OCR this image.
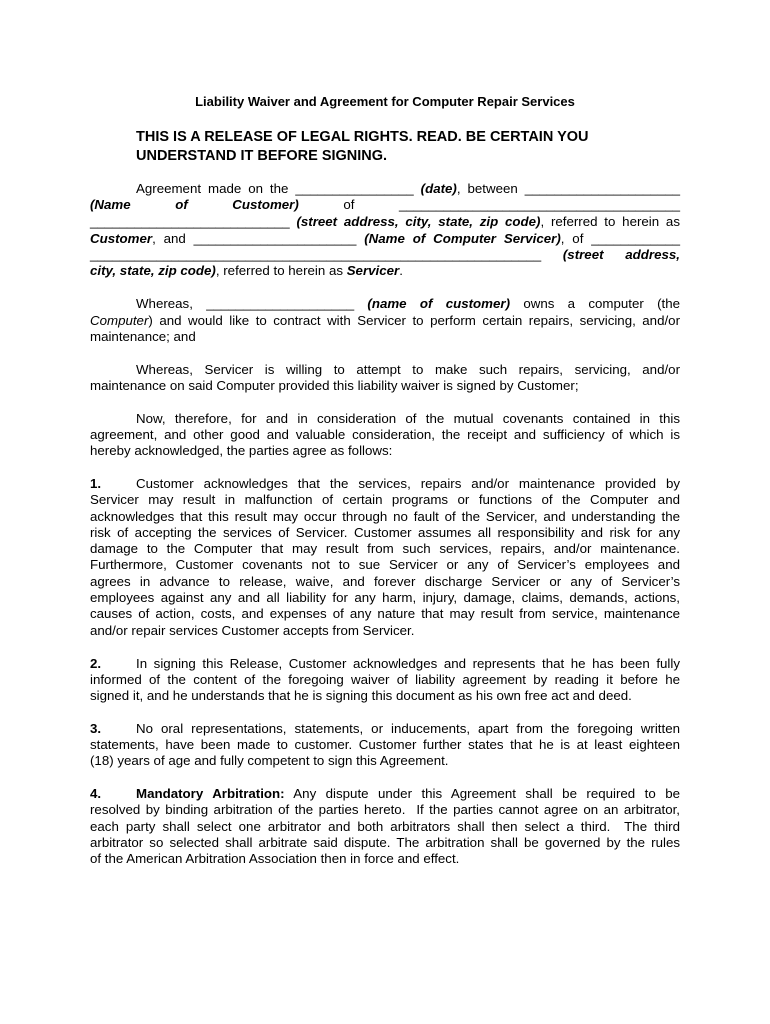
Liability Waiver and Agreement for Computer Repair Services
THIS IS A RELEASE OF LEGAL RIGHTS. READ. BE CERTAIN YOU
UNDERSTAND IT BEFORE SIGNING.
Agreement made on the ________________ (date), between _____________________
(Name of Customer) of ______________________________________
___________________________ (street address, city, state, zip code), referred to herein as
Customer, and ______________________ (Name of Computer Servicer), of ____________
_____________________________________________________________ (street address,
city, state, zip code), referred to herein as Servicer.
Whereas, ____________________ (name of customer) owns a computer (the
Computer) and would like to contract with Servicer to perform certain repairs, servicing, and/or
maintenance; and
Whereas, Servicer is willing to attempt to make such repairs, servicing, and/or
maintenance on said Computer provided this liability waiver is signed by Customer;
Now, therefore, for and in consideration of the mutual covenants contained in this
agreement, and other good and valuable consideration, the receipt and sufficiency of which is
hereby acknowledged, the parties agree as follows:
1.	Customer acknowledges that the services, repairs and/or maintenance provided by
Servicer may result in malfunction of certain programs or functions of the Computer and
acknowledges that this result may occur through no fault of the Servicer, and understanding the
risk of accepting the services of Servicer. Customer assumes all responsibility and risk for any
damage to the Computer that may result from such services, repairs, and/or maintenance.
Furthermore, Customer covenants not to sue Servicer or any of Servicer’s employees and
agrees in advance to release, waive, and forever discharge Servicer or any of Servicer’s
employees against any and all liability for any harm, injury, damage, claims, demands, actions,
causes of action, costs, and expenses of any nature that may result from service, maintenance
and/or repair services Customer accepts from Servicer.
2.	In signing this Release, Customer acknowledges and represents that he has been fully
informed of the content of the foregoing waiver of liability agreement by reading it before he
signed it, and he understands that he is signing this document as his own free act and deed.
3.	No oral representations, statements, or inducements, apart from the foregoing written
statements, have been made to customer. Customer further states that he is at least eighteen
(18) years of age and fully competent to sign this Agreement.
4.	Mandatory Arbitration: Any dispute under this Agreement shall be required to be
resolved by binding arbitration of the parties hereto.  If the parties cannot agree on an arbitrator,
each party shall select one arbitrator and both arbitrators shall then select a third.  The third
arbitrator so selected shall arbitrate said dispute. The arbitration shall be governed by the rules
of the American Arbitration Association then in force and effect.
